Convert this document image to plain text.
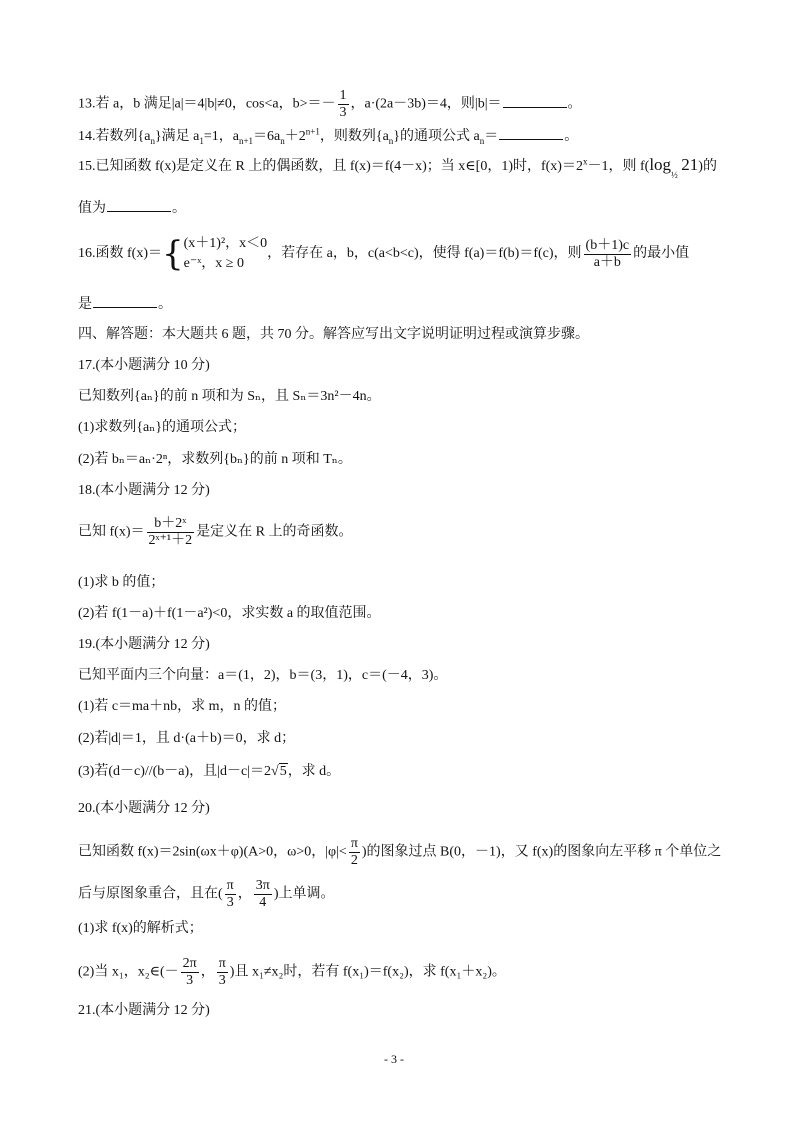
13.若 a，b 满足|a|＝4|b|≠0，cos<a，$b>=- \frac{1}{3}$ ，a·(2a－3b)＝4，则|b|＝	。
14.若数列$\{a_n\}$满足 $a_1=1$，$a_{n+1}=6a_n+2^{n+1}$，则数列$\{a_n\}$的通项公式 $a_n=$	。
15.已知函数 f(x)是定义在 R 上的偶函数，且 f(x)＝f(4－x)；当 x∈[0，1)时，$f(x)=2^x-1$，则 $f(\log_{\frac{1}{2}}$ 21)的
值为	。
16.函数 f(x)＝{ (x＋1)²，x＜0
e⁻ˣ，x ≥ 0
，若存在 a，b，c(a<b<c)，使得 f(a)＝f(b)＝f(c)，则 $\frac{(b+1)c}{a+b}$ 的最小值
是	。
四、解答题：本大题共 6 题，共 70 分。解答应写出文字说明证明过程或演算步骤。
17.(本小题满分 10 分)
已知数列{aₙ}的前 n 项和为 Sₙ，且 Sₙ＝3n²－4n。
(1)求数列{aₙ}的通项公式；
(2)若 bₙ＝aₙ·2ⁿ，求数列{bₙ}的前 n 项和 Tₙ。
18.(本小题满分 12 分)
已知 $f(x)= \frac{\text{b＋2ˣ}}{\text{2ˣ⁺¹＋2}}$ 是定义在 R 上的奇函数。
(1)求 b 的值；
(2)若 f(1－a)＋f(1－a²)<0，求实数 a 的取值范围。
19.(本小题满分 12 分)
已知平面内三个向量：a＝(1，2)，b＝(3，1)，c＝(－4，3)。
(1)若 c＝ma＋nb，求 m，n 的值；
(2)若|d|＝1，且 d·(a＋b)＝0，求 d；
(3)若(d－c)//(b－a)，且|d－c|＝2√5，求 d。
20.(本小题满分 12 分)
已知函数 f(x)＝2sin(ωx＋φ)(A>0，ω>0，$|\varphi|< \frac{\pi}{2}$ )的图象过点 B(0，－1)，又 f(x)的图象向左平移 π 个单位之
后与原图象重合，且在( $\frac{\pi}{3}$ ， $\frac{3\pi}{4}$ )上单调。
(1)求 f(x)的解析式；
(2)当 x₁，x₂∈(－ $\frac{2\pi}{3}$ ， $\frac{\pi}{3}$ )且 x₁≠x₂时，若有 f(x₁)＝f(x₂)，求 f(x₁＋x₂)。
21.(本小题满分 12 分)
- 3 -
